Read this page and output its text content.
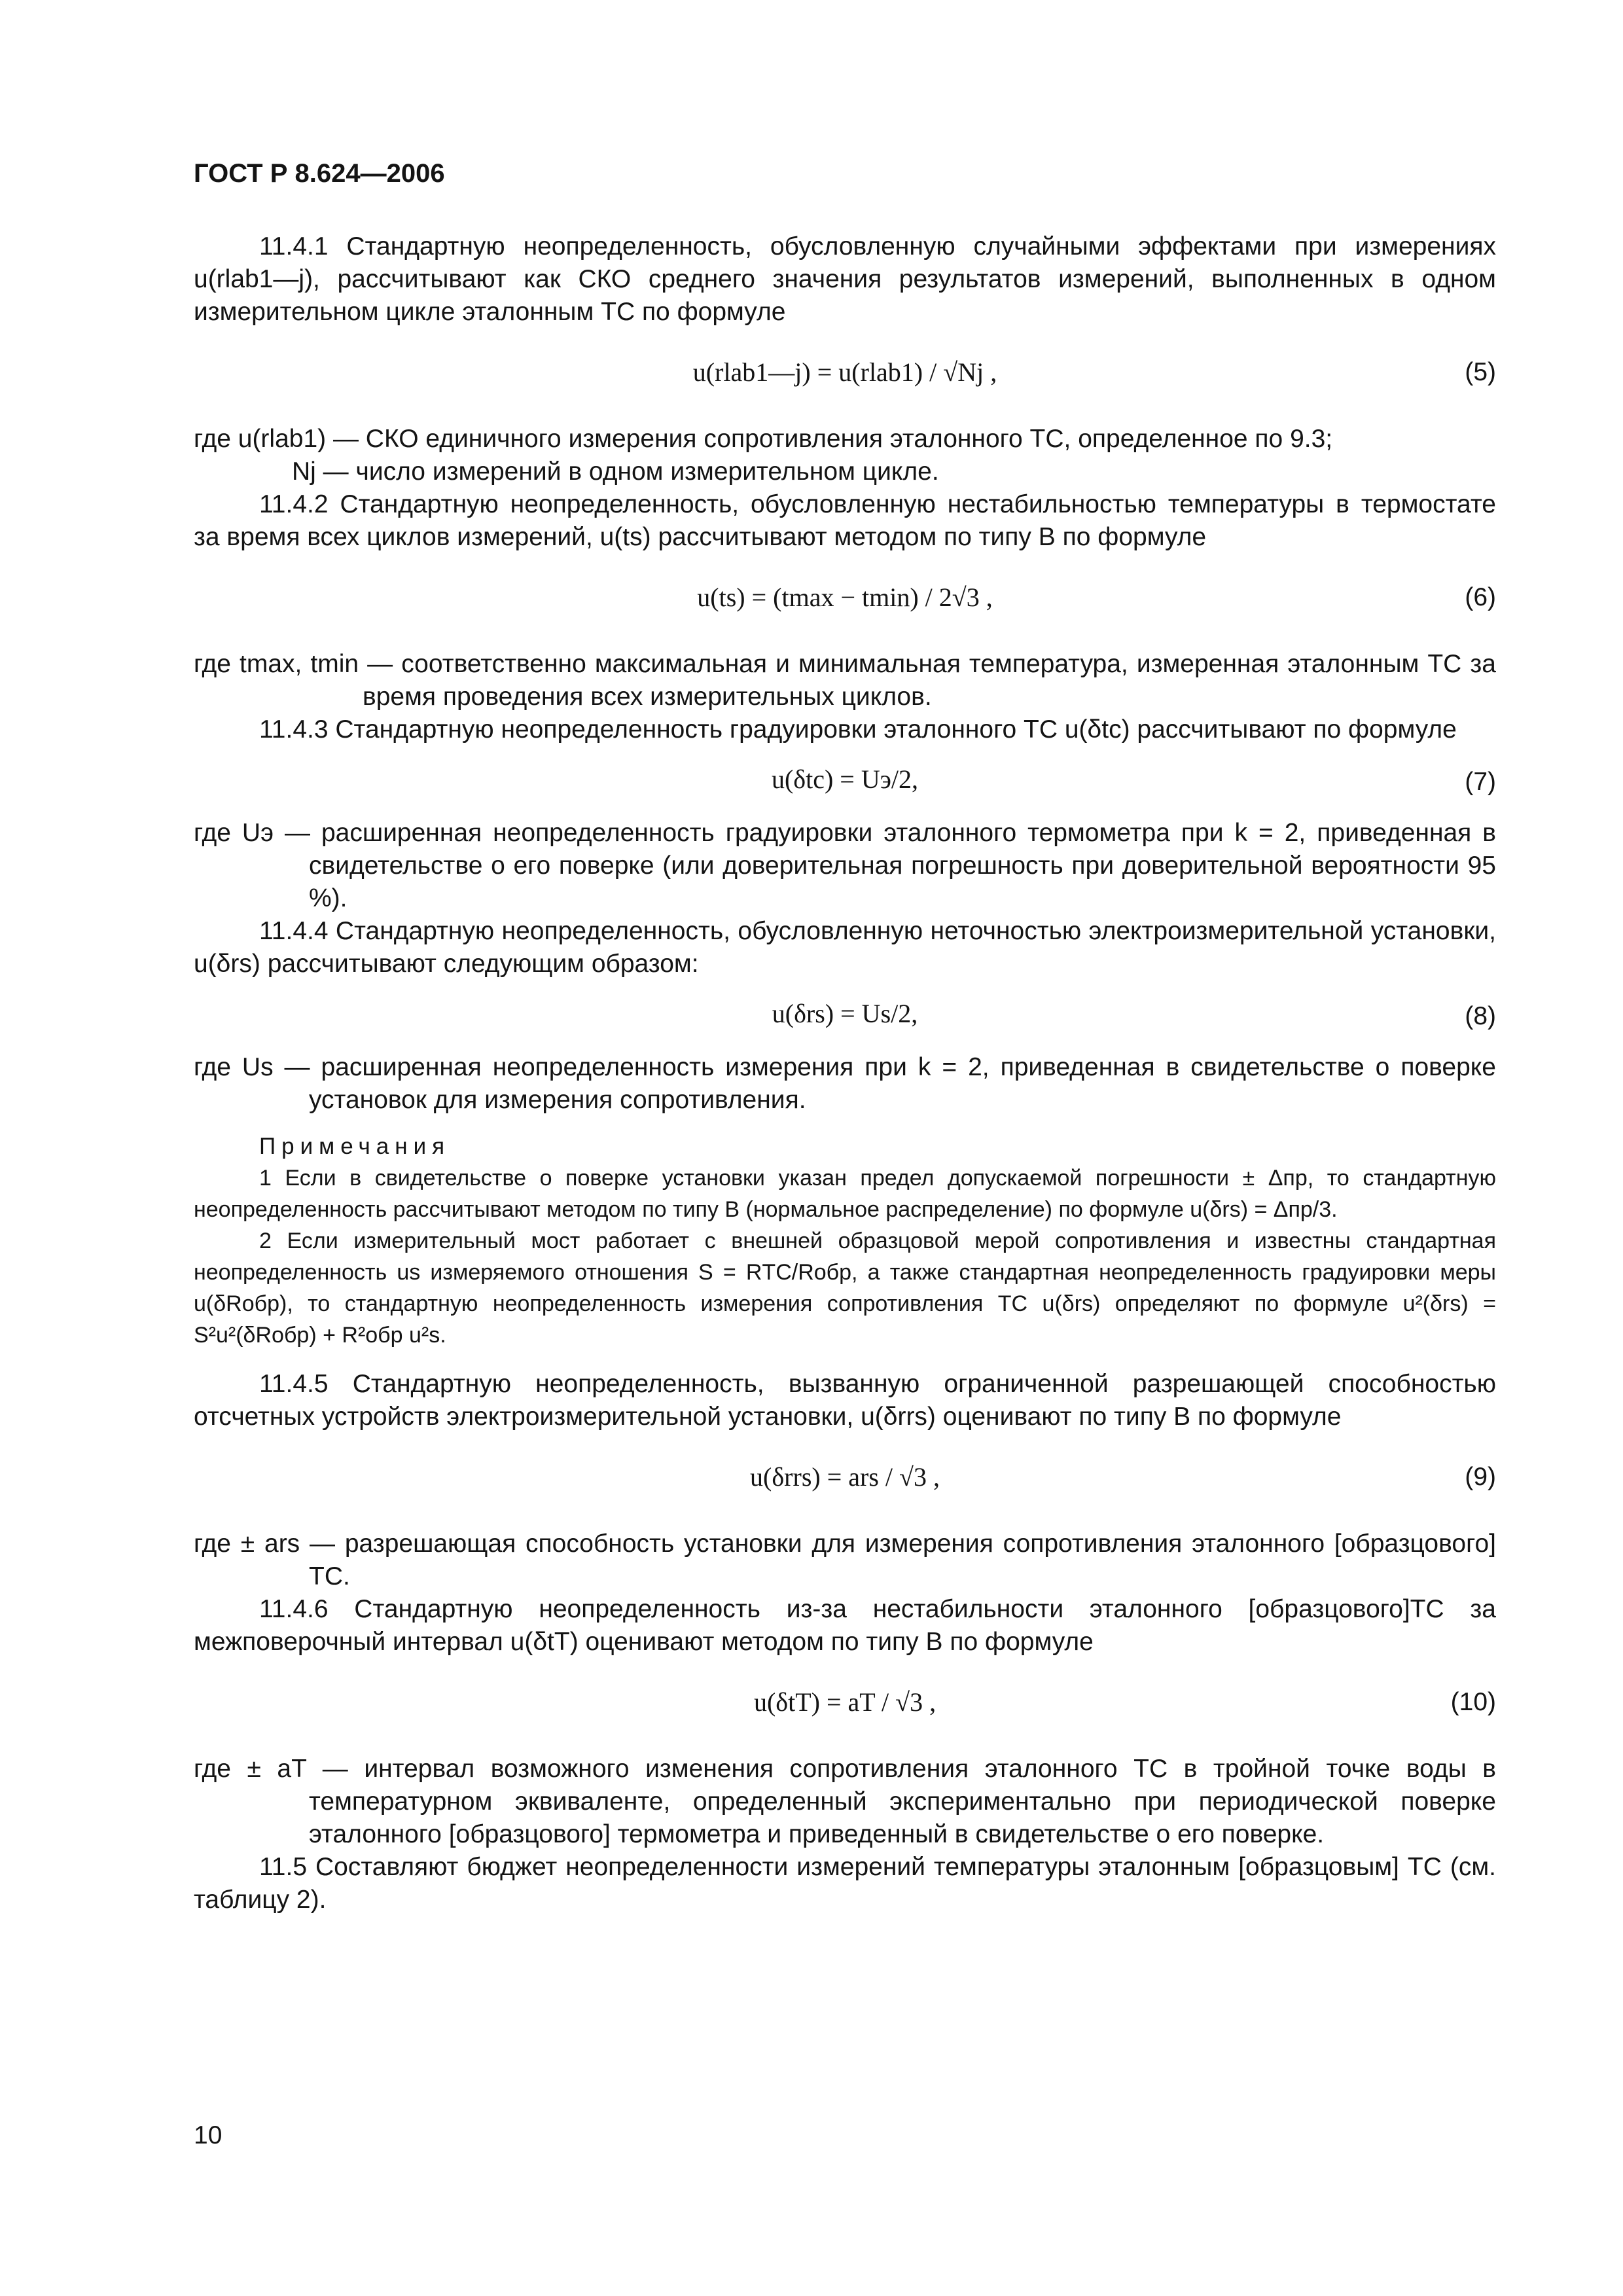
ГОСТ Р 8.624—2006

11.4.1 Стандартную неопределенность, обусловленную случайными эффектами при измерениях u(rlab1—j), рассчитывают как СКО среднего значения результатов измерений, выполненных в одном измерительном цикле эталонным ТС по формуле

u(rlab1—j) = u(rlab1) / √Nj ,	(5)

где u(rlab1) — СКО единичного измерения сопротивления эталонного ТС, определенное по 9.3;

Nj — число измерений в одном измерительном цикле.

11.4.2 Стандартную неопределенность, обусловленную нестабильностью температуры в термостате за время всех циклов измерений, u(ts) рассчитывают методом по типу В по формуле

u(ts) = (tmax − tmin) / 2√3 ,	(6)

где tmax, tmin — соответственно максимальная и минимальная температура, измеренная эталонным ТС за время проведения всех измерительных циклов.

11.4.3 Стандартную неопределенность градуировки эталонного ТС u(δtc) рассчитывают по формуле

u(δtc) = Uэ/2,	(7)

где Uэ — расширенная неопределенность градуировки эталонного термометра при k = 2, приведенная в свидетельстве о его поверке (или доверительная погрешность при доверительной вероятности 95 %).

11.4.4 Стандартную неопределенность, обусловленную неточностью электроизмерительной установки, u(δrs) рассчитывают следующим образом:

u(δrs) = Us/2,	(8)

где Us — расширенная неопределенность измерения при k = 2, приведенная в свидетельстве о поверке установок для измерения сопротивления.

Примечания

1 Если в свидетельстве о поверке установки указан предел допускаемой погрешности ± Δпр, то стандартную неопределенность рассчитывают методом по типу В (нормальное распределение) по формуле u(δrs) = Δпр/3.

2 Если измерительный мост работает с внешней образцовой мерой сопротивления и известны стандартная неопределенность us измеряемого отношения S = RТС/Rобр, а также стандартная неопределенность градуировки меры u(δRобр), то стандартную неопределенность измерения сопротивления ТС u(δrs) определяют по формуле u²(δrs) = S²u²(δRобр) + R²обр u²s.

11.4.5 Стандартную неопределенность, вызванную ограниченной разрешающей способностью отсчетных устройств электроизмерительной установки, u(δrrs) оценивают по типу В по формуле

u(δrrs) = ars / √3 ,	(9)

где ± ars — разрешающая способность установки для измерения сопротивления эталонного [образцового] ТС.

11.4.6 Стандартную неопределенность из-за нестабильности эталонного [образцового]ТС за межповерочный интервал u(δtT) оценивают методом по типу В по формуле

u(δtT) = aT / √3 ,	(10)

где ± aT — интервал возможного изменения сопротивления эталонного ТС в тройной точке воды в температурном эквиваленте, определенный экспериментально при периодической поверке эталонного [образцового] термометра и приведенный в свидетельстве о его поверке.

11.5 Составляют бюджет неопределенности измерений температуры эталонным [образцовым] ТС (см. таблицу 2).

10
